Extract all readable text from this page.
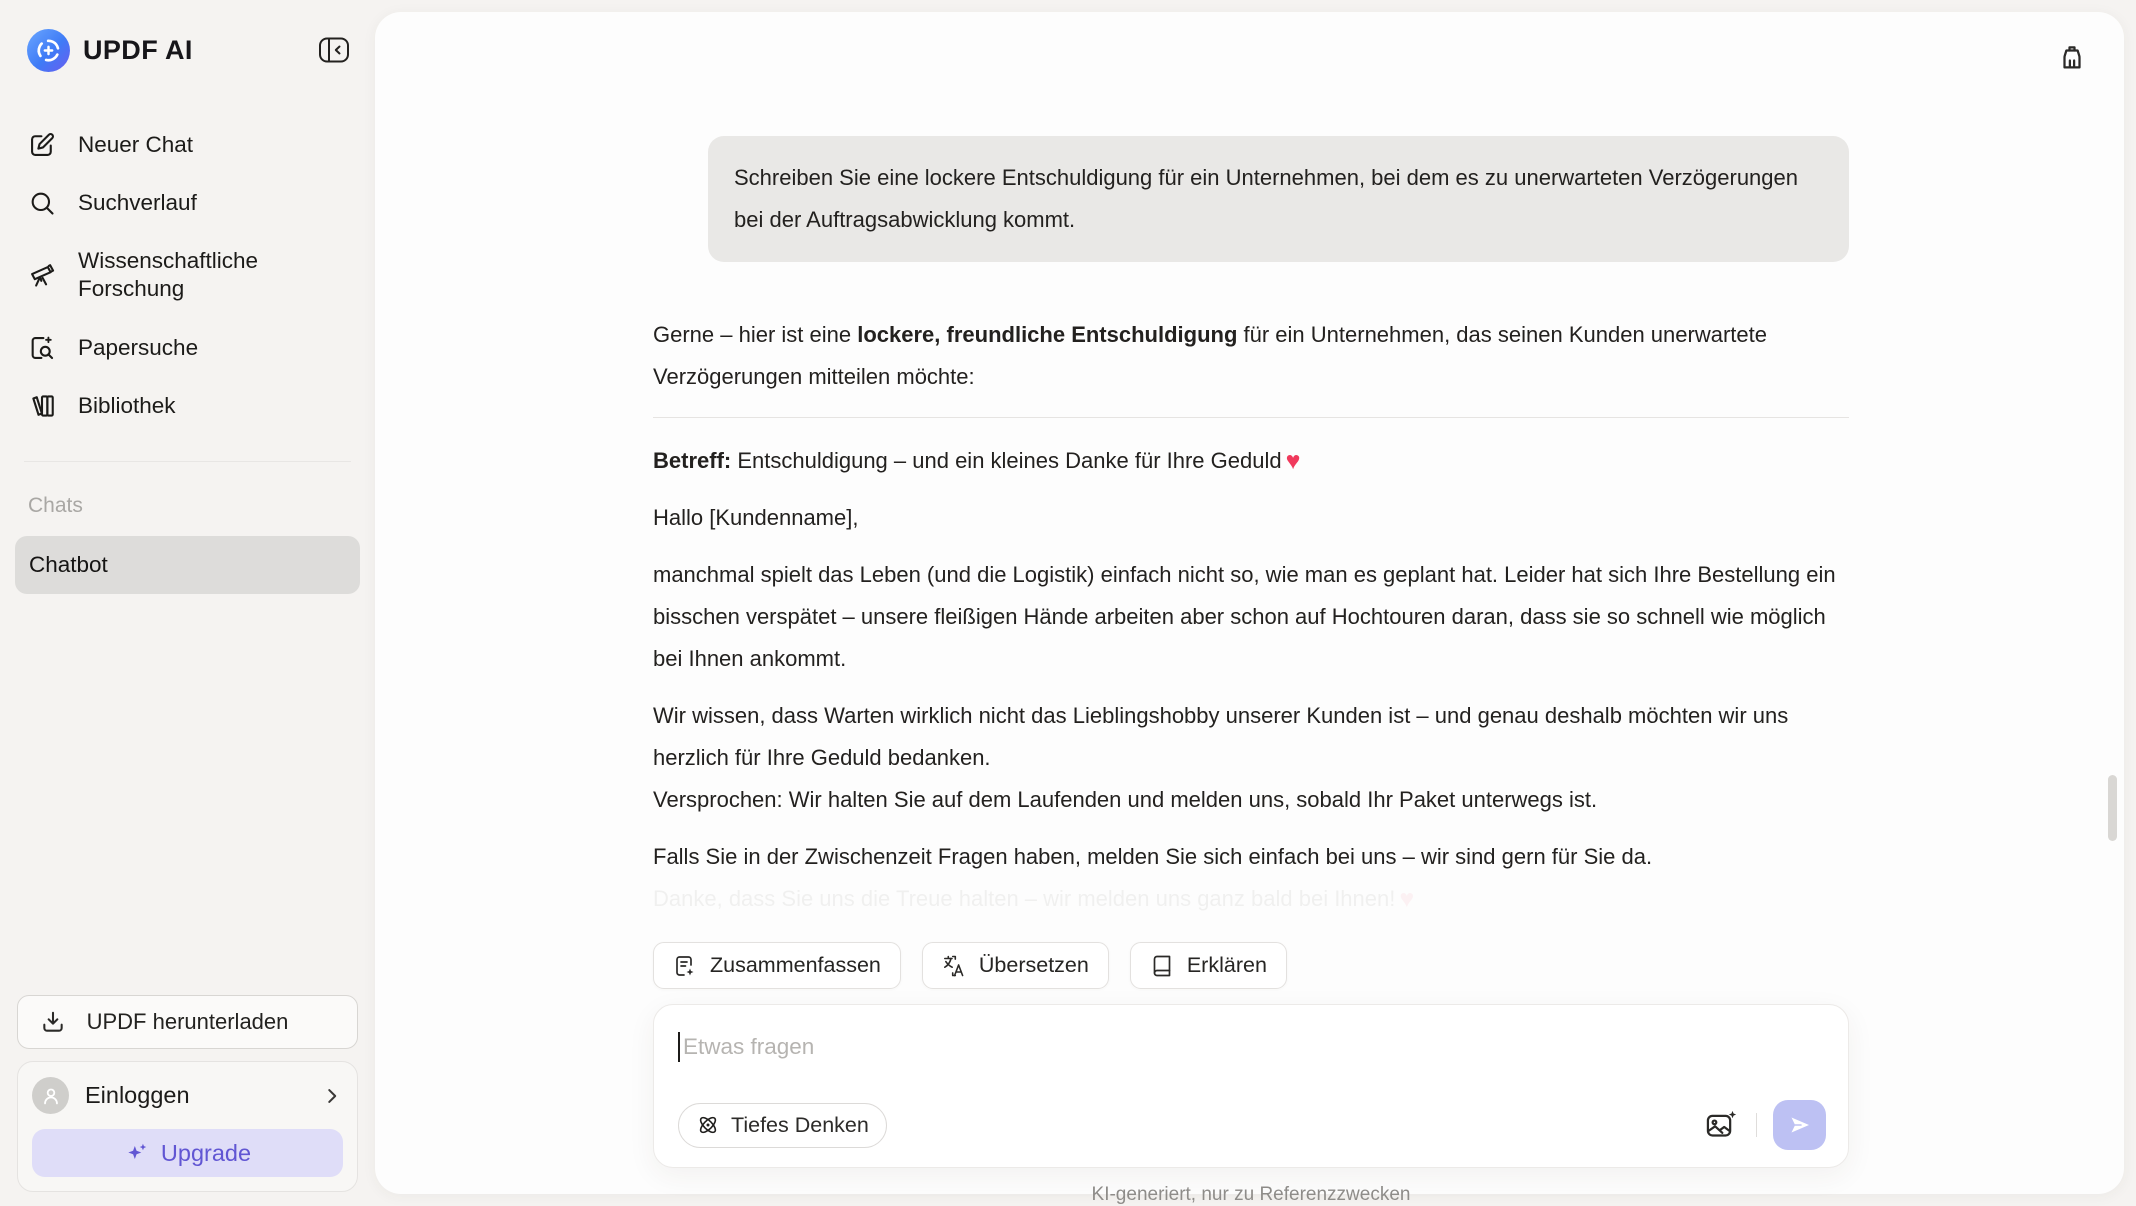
UPDF AI
Neuer Chat
Suchverlauf
Wissenschaftliche Forschung
Papersuche
Bibliothek
Chats
Chatbot
UPDF herunterladen
Einloggen
Upgrade
Schreiben Sie eine lockere Entschuldigung für ein Unternehmen, bei dem es zu unerwarteten Verzögerungen bei der Auftragsabwicklung kommt.

Gerne – hier ist eine lockere, freundliche Entschuldigung für ein Unternehmen, das seinen Kunden unerwartete Verzögerungen mitteilen möchte:

Betreff: Entschuldigung – und ein kleines Danke für Ihre Geduld ♥

Hallo [Kundenname],

manchmal spielt das Leben (und die Logistik) einfach nicht so, wie man es geplant hat. Leider hat sich Ihre Bestellung ein bisschen verspätet – unsere fleißigen Hände arbeiten aber schon auf Hochtouren daran, dass sie so schnell wie möglich bei Ihnen ankommt.

Wir wissen, dass Warten wirklich nicht das Lieblingshobby unserer Kunden ist – und genau deshalb möchten wir uns herzlich für Ihre Geduld bedanken.

Versprochen: Wir halten Sie auf dem Laufenden und melden uns, sobald Ihr Paket unterwegs ist.

Falls Sie in der Zwischenzeit Fragen haben, melden Sie sich einfach bei uns – wir sind gern für Sie da.

Danke, dass Sie uns die Treue halten – wir melden uns ganz bald bei Ihnen! ♥

Zusammenfassen	Übersetzen	Erklären
Etwas fragen
Tiefes Denken
KI-generiert, nur zu Referenzzwecken
